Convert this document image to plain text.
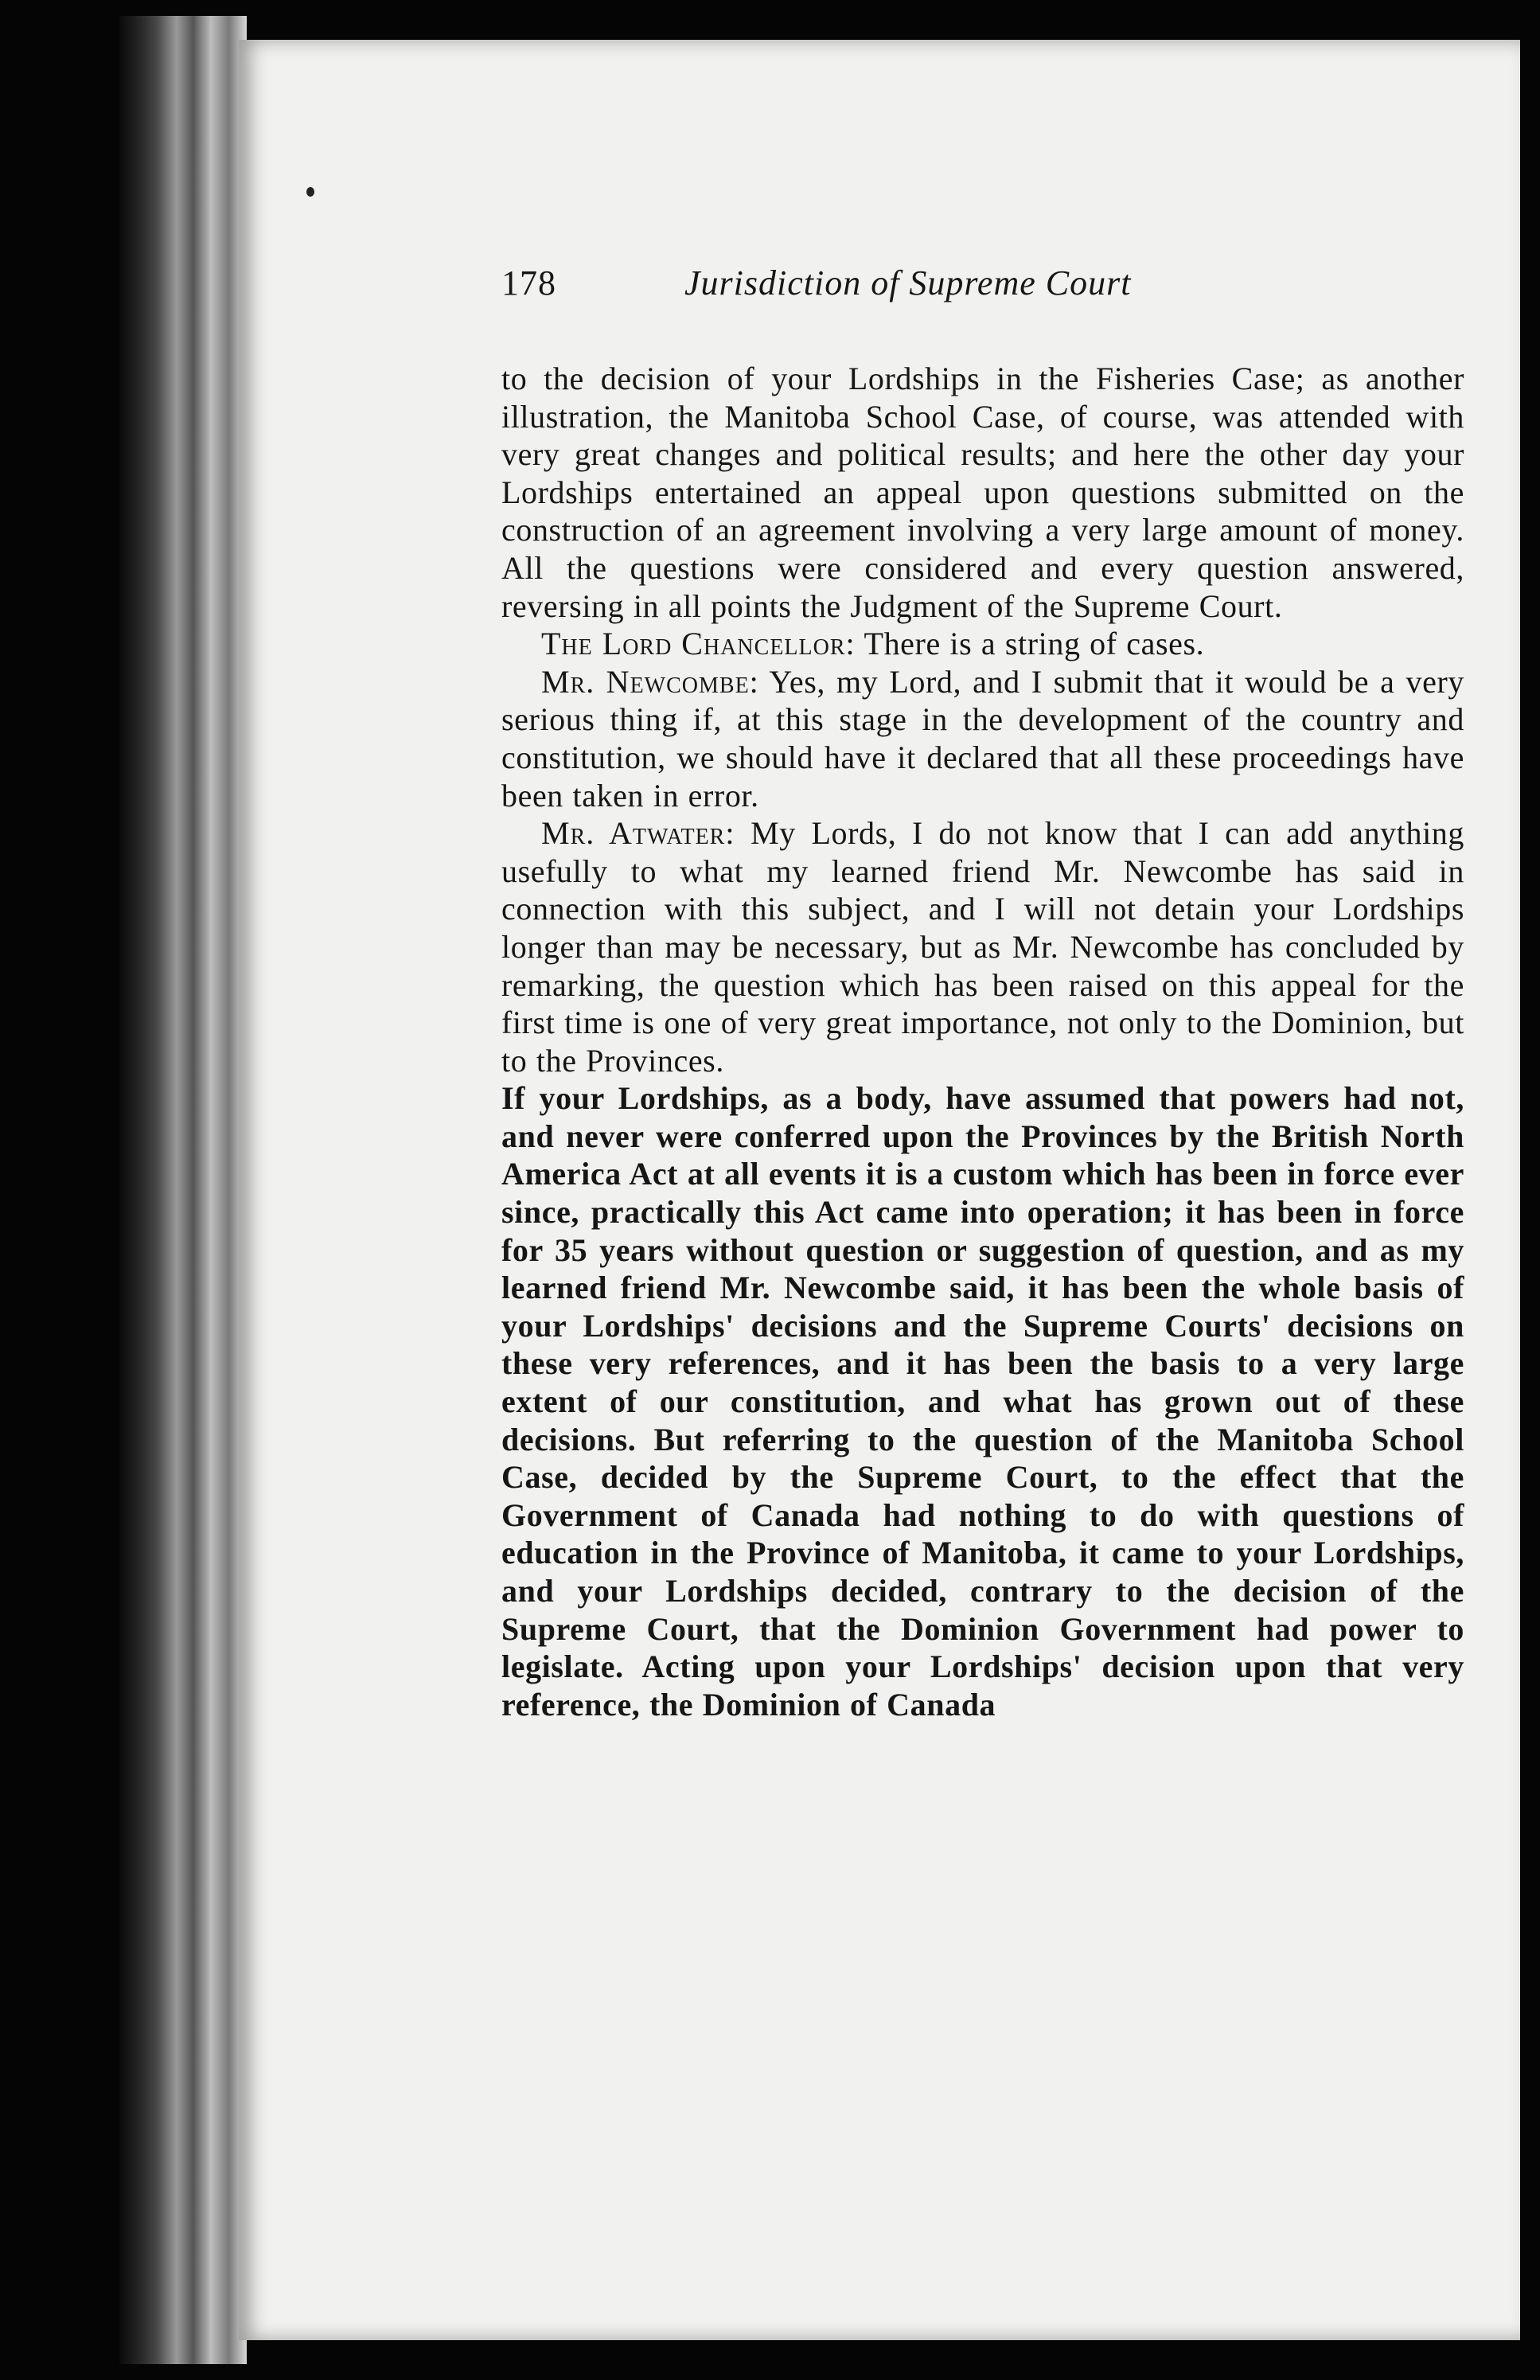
178	Jurisdiction of Supreme Court

to the decision of your Lordships in the Fisheries Case; as another illustration, the Manitoba School Case, of course, was attended with very great changes and political results; and here the other day your Lordships entertained an appeal upon questions submitted on the construction of an agreement involving a very large amount of money. All the questions were considered and every question answered, reversing in all points the Judgment of the Supreme Court.

The Lord Chancellor: There is a string of cases.

Mr. Newcombe: Yes, my Lord, and I submit that it would be a very serious thing if, at this stage in the development of the country and constitution, we should have it declared that all these proceedings have been taken in error.

Mr. Atwater: My Lords, I do not know that I can add anything usefully to what my learned friend Mr. Newcombe has said in connection with this subject, and I will not detain your Lordships longer than may be necessary, but as Mr. Newcombe has concluded by remarking, the question which has been raised on this appeal for the first time is one of very great importance, not only to the Dominion, but to the Provinces.

If your Lordships, as a body, have assumed that powers had not, and never were conferred upon the Provinces by the British North America Act at all events it is a custom which has been in force ever since, practically this Act came into operation; it has been in force for 35 years without question or suggestion of question, and as my learned friend Mr. Newcombe said, it has been the whole basis of your Lordships' decisions and the Supreme Courts' decisions on these very references, and it has been the basis to a very large extent of our constitution, and what has grown out of these decisions. But referring to the question of the Manitoba School Case, decided by the Supreme Court, to the effect that the Government of Canada had nothing to do with questions of education in the Province of Manitoba, it came to your Lordships, and your Lordships decided, contrary to the decision of the Supreme Court, that the Dominion Government had power to legislate. Acting upon your Lordships' decision upon that very reference, the Dominion of Canada
